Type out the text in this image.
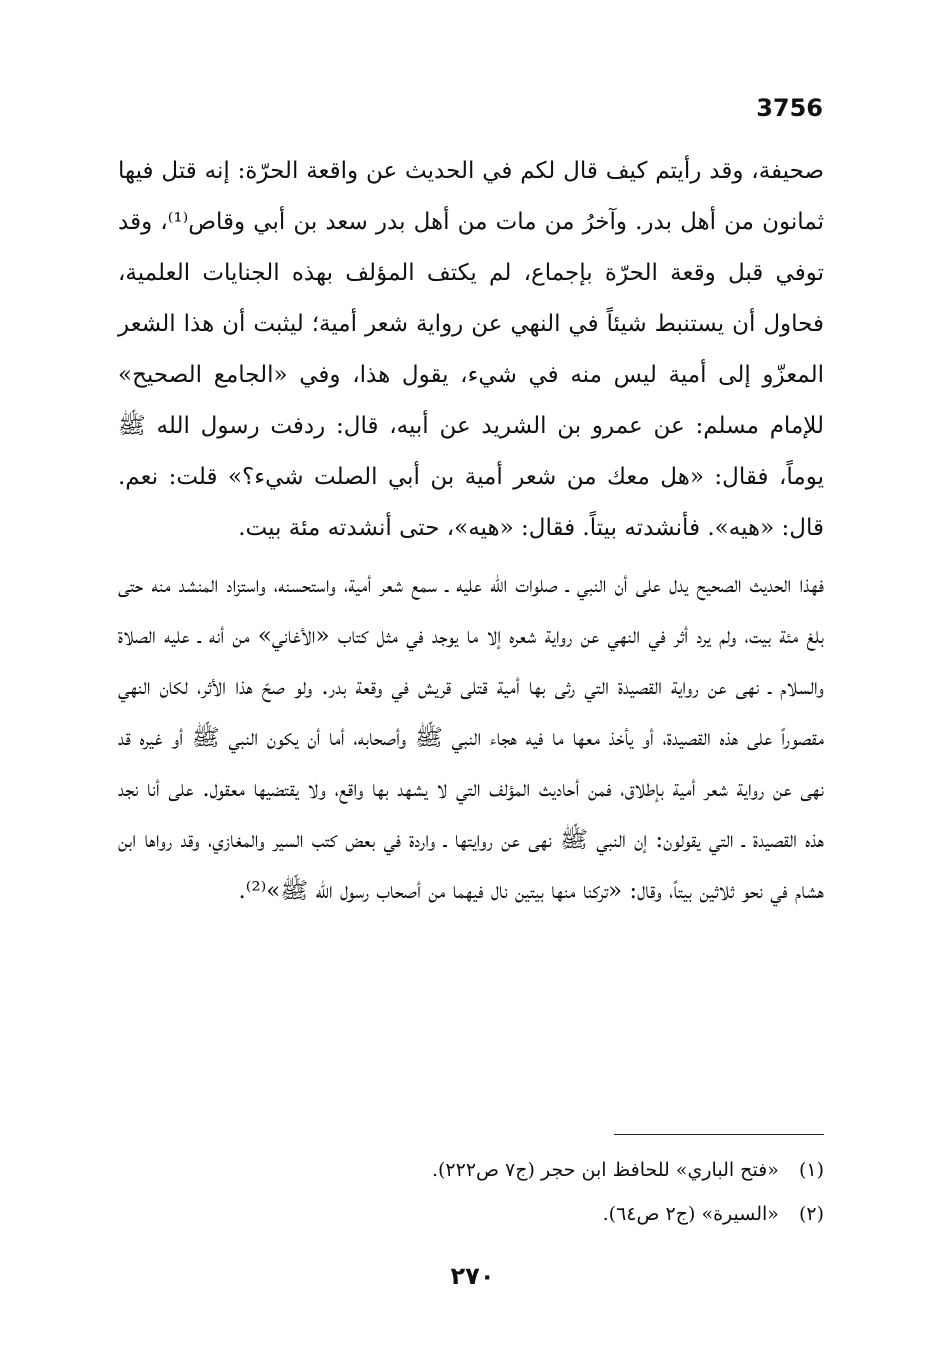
3756

صحيفة، وقد رأيتم كيف قال لكم في الحديث عن واقعة الحرّة: إنه قتل فيها ثمانون من أهل بدر. وآخرُ من مات من أهل بدر سعد بن أبي وقاص⁽¹⁾، وقد توفي قبل وقعة الحرّة بإجماع، لم يكتف المؤلف بهذه الجنايات العلمية، فحاول أن يستنبط شيئاً في النهي عن رواية شعر أمية؛ ليثبت أن هذا الشعر المعزّو إلى أمية ليس منه في شيء، يقول هذا، وفي «الجامع الصحيح» للإمام مسلم: عن عمرو بن الشريد عن أبيه، قال: ردفت رسول الله ﷺ يوماً، فقال: «هل معك من شعر أمية بن أبي الصلت شيء؟» قلت: نعم. قال: «هيه». فأنشدته بيتاً. فقال: «هيه»، حتى أنشدته مئة بيت.

فهذا الحديث الصحيح يدل على أن النبي ـ صلوات الله عليه ـ سمع شعر أمية، واستحسنه، واستزاد المنشد منه حتى بلغ مئة بيت، ولم يرد أثر في النهي عن رواية شعره إلا ما يوجد في مثل كتاب «الأغاني» من أنه ـ عليه الصلاة والسلام ـ نهى عن رواية القصيدة التي رثى بها أمية قتلى قريش في وقعة بدر. ولو صحّ هذا الأثر، لكان النهي مقصوراً على هذه القصيدة، أو يأخذ معها ما فيه هجاء النبي ﷺ وأصحابه، أما أن يكون النبي ﷺ أو غيره قد نهى عن رواية شعر أمية بإطلاق، فمن أحاديث المؤلف التي لا يشهد بها واقع، ولا يقتضيها معقول. على أنا نجد هذه القصيدة ـ التي يقولون: إن النبي ﷺ نهى عن روايتها ـ واردة في بعض كتب السير والمغازي، وقد رواها ابن هشام في نحو ثلاثين بيتاً، وقال: «تركنا منها بيتين نال فيهما من أصحاب رسول الله ﷺ»⁽²⁾.

(١) «فتح الباري» للحافظ ابن حجر (ج٧ ص٢٢٢).

(٢) «السيرة» (ج٢ ص٦٤).

٢٧٠
